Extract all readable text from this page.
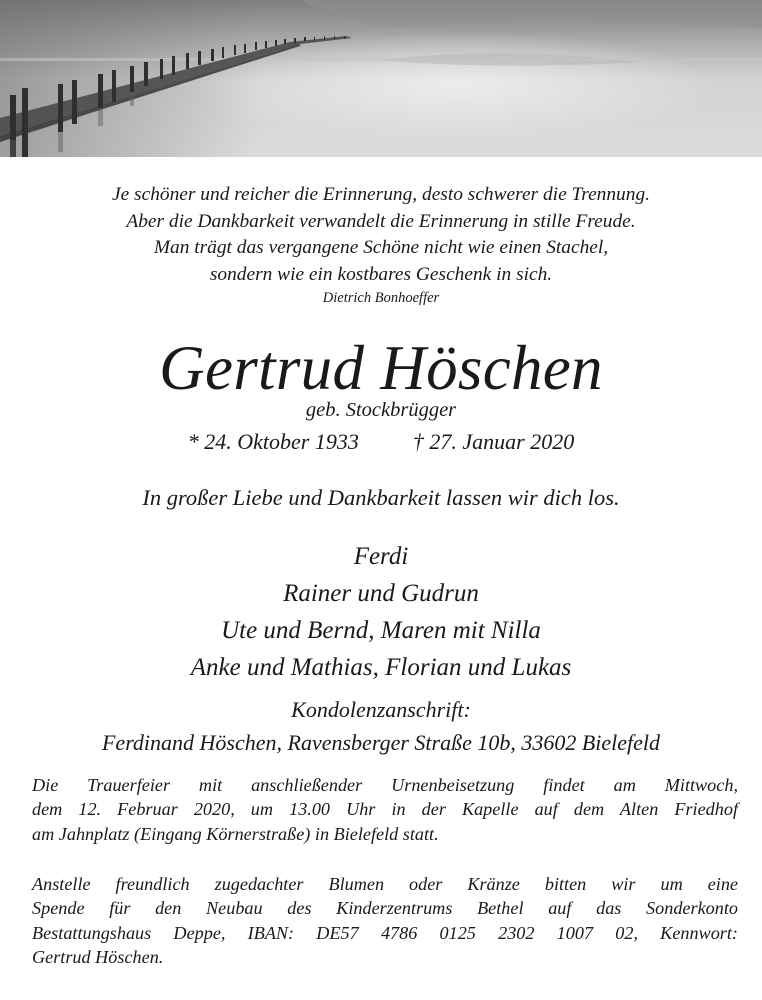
Je schöner und reicher die Erinnerung, desto schwerer die Trennung.
Aber die Dankbarkeit verwandelt die Erinnerung in stille Freude.
Man trägt das vergangene Schöne nicht wie einen Stachel,
sondern wie ein kostbares Geschenk in sich.
Dietrich Bonhoeffer
Gertrud Höschen
geb. Stockbrügger
* 24. Oktober 1933 † 27. Januar 2020
In großer Liebe und Dankbarkeit lassen wir dich los.
Ferdi
Rainer und Gudrun
Ute und Bernd, Maren mit Nilla
Anke und Mathias, Florian und Lukas
Kondolenzanschrift:
Ferdinand Höschen, Ravensberger Straße 10b, 33602 Bielefeld
Die Trauerfeier mit anschließender Urnenbeisetzung findet am Mittwoch,
dem 12. Februar 2020, um 13.00 Uhr in der Kapelle auf dem Alten Friedhof
am Jahnplatz (Eingang Körnerstraße) in Bielefeld statt.
Anstelle freundlich zugedachter Blumen oder Kränze bitten wir um eine
Spende für den Neubau des Kinderzentrums Bethel auf das Sonderkonto
Bestattungshaus Deppe, IBAN: DE57 4786 0125 2302 1007 02, Kennwort:
Gertrud Höschen.
